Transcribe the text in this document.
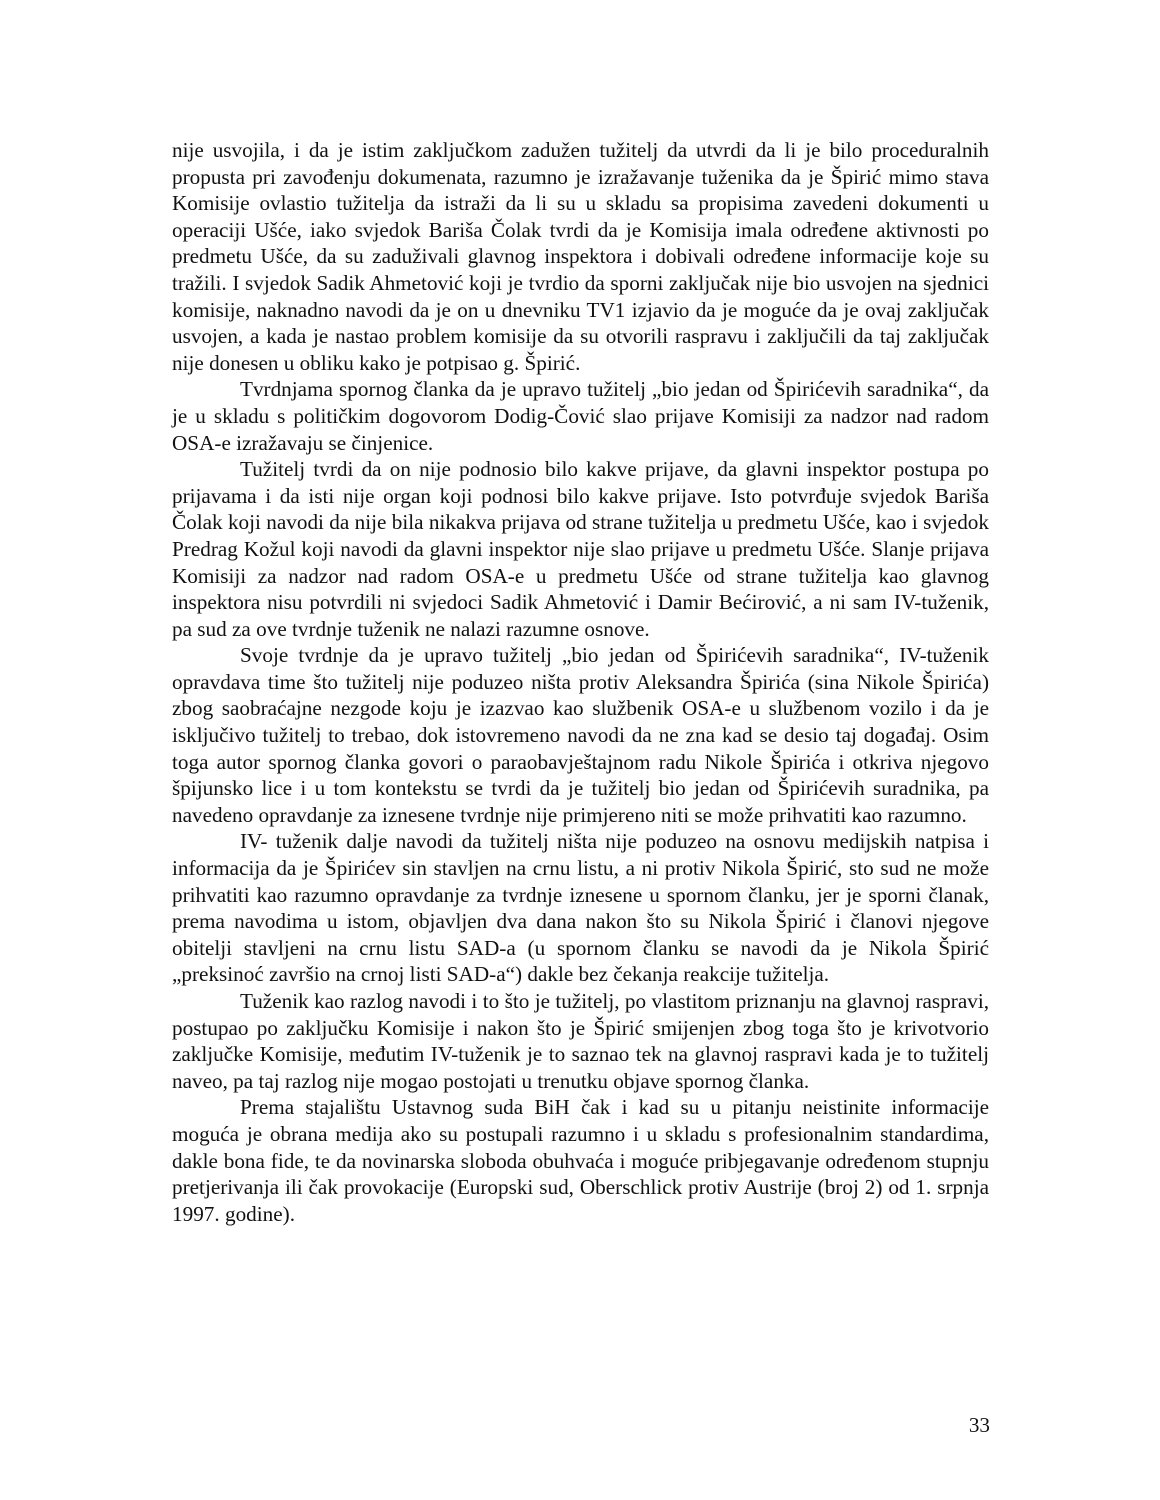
nije usvojila, i da je istim zaključkom zadužen tužitelj da utvrdi da li je bilo proceduralnih propusta pri zavođenju dokumenata, razumno je izražavanje tuženika da je Špirić mimo stava Komisije ovlastio tužitelja da istraži da li su u skladu sa propisima zavedeni dokumenti u operaciji Ušće, iako svjedok Bariša Čolak tvrdi da je Komisija imala određene aktivnosti po predmetu Ušće, da su zaduživali glavnog inspektora i dobivali određene informacije koje su tražili. I svjedok Sadik Ahmetović koji je tvrdio da sporni zaključak nije bio usvojen na sjednici komisije, naknadno navodi da je on u dnevniku TV1 izjavio da je moguće da je ovaj zaključak usvojen, a kada je nastao problem komisije da su otvorili raspravu i zaključili da taj zaključak nije donesen u obliku kako je potpisao g. Špirić.

Tvrdnjama spornog članka da je upravo tužitelj „bio jedan od Špirićevih saradnika“, da je u skladu s političkim dogovorom Dodig-Čović slao prijave Komisiji za nadzor nad radom OSA-e izražavaju se činjenice.

Tužitelj tvrdi da on nije podnosio bilo kakve prijave, da glavni inspektor postupa po prijavama i da isti nije organ koji podnosi bilo kakve prijave. Isto potvrđuje svjedok Bariša Čolak koji navodi da nije bila nikakva prijava od strane tužitelja u predmetu Ušće, kao i svjedok Predrag Kožul koji navodi da glavni inspektor nije slao prijave u predmetu Ušće. Slanje prijava Komisiji za nadzor nad radom OSA-e u predmetu Ušće od strane tužitelja kao glavnog inspektora nisu potvrdili ni svjedoci Sadik Ahmetović i Damir Bećirović, a ni sam IV-tuženik, pa sud za ove tvrdnje tuženik ne nalazi razumne osnove.

Svoje tvrdnje da je upravo tužitelj „bio jedan od Špirićevih saradnika“, IV-tuženik opravdava time što tužitelj nije poduzeo ništa protiv Aleksandra Špirića (sina Nikole Špirića) zbog saobraćajne nezgode koju je izazvao kao službenik OSA-e u službenom vozilo i da je isključivo tužitelj to trebao, dok istovremeno navodi da ne zna kad se desio taj događaj. Osim toga autor spornog članka govori o paraobavještajnom radu Nikole Špirića i otkriva njegovo špijunsko lice i u tom kontekstu se tvrdi da je tužitelj bio jedan od Špirićevih suradnika, pa navedeno opravdanje za iznesene tvrdnje nije primjereno niti se može prihvatiti kao razumno.

IV- tuženik dalje navodi da tužitelj ništa nije poduzeo na osnovu medijskih natpisa i informacija da je Špirićev sin stavljen na crnu listu, a ni protiv Nikola Špirić, sto sud ne može prihvatiti kao razumno opravdanje za tvrdnje iznesene u spornom članku, jer je sporni članak, prema navodima u istom, objavljen dva dana nakon što su Nikola Špirić i članovi njegove obitelji stavljeni na crnu listu SAD-a (u spornom članku se navodi da je Nikola Špirić „preksinoć završio na crnoj listi SAD-a“) dakle bez čekanja reakcije tužitelja.

Tuženik kao razlog navodi i to što je tužitelj, po vlastitom priznanju na glavnoj raspravi, postupao po zaključku Komisije i nakon što je Špirić smijenjen zbog toga što je krivotvorio zaključke Komisije, međutim IV-tuženik je to saznao tek na glavnoj raspravi kada je to tužitelj naveo, pa taj razlog nije mogao postojati u trenutku objave spornog članka.

Prema stajalištu Ustavnog suda BiH čak i kad su u pitanju neistinite informacije moguća je obrana medija ako su postupali razumno i u skladu s profesionalnim standardima, dakle bona fide, te da novinarska sloboda obuhvaća i moguće pribjegavanje određenom stupnju pretjerivanja ili čak provokacije (Europski sud, Oberschlick protiv Austrije (broj 2) od 1. srpnja 1997. godine).

33
